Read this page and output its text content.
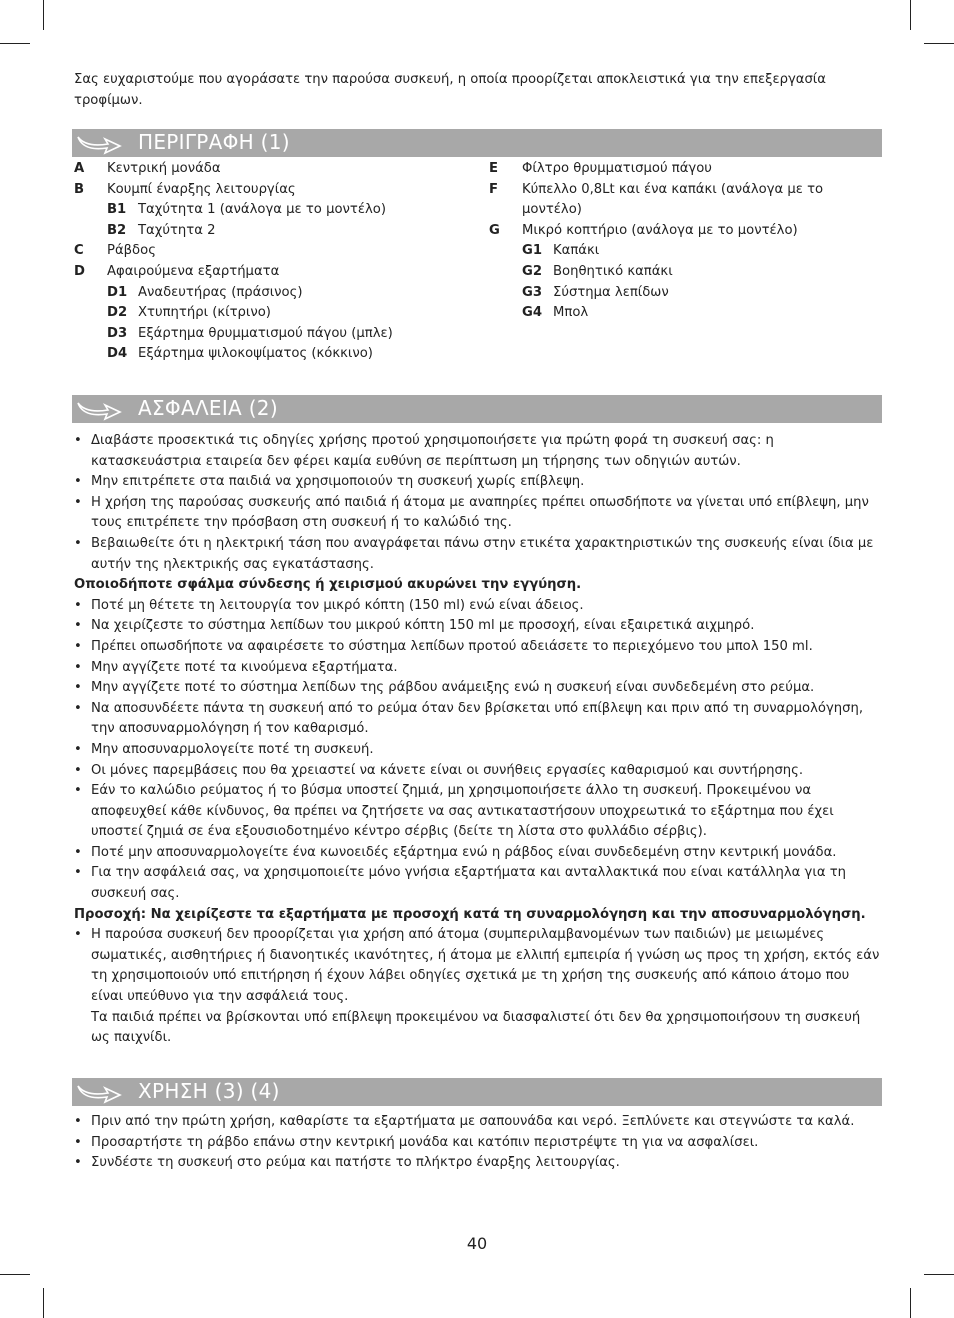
Σας ευχαριστούμε που αγοράσατε την παρούσα συσκευή, η οποία προορίζεται αποκλειστικά για την επεξεργασία τροφίμων.
ΠΕΡΙΓΡΑΦΗ (1)
A	Κεντρική μονάδα
B	Κουμπί έναρξης λειτουργίας
B1 Ταχύτητα 1 (ανάλογα με το μοντέλο)
B2 Ταχύτητα 2
C	Ράβδος
D	Αφαιρούμενα εξαρτήματα
D1 Αναδευτήρας (πράσινος)
D2 Χτυπητήρι (κίτρινο)
D3 Εξάρτημα θρυμματισμού πάγου (μπλε)
D4 Εξάρτημα ψιλοκοψίματος (κόκκινο)
E	Φίλτρο θρυμματισμού πάγου
F	Κύπελλο 0,8Lt και ένα καπάκι (ανάλογα με το μοντέλο)
G	Μικρό κοπτήριο (ανάλογα με το μοντέλο)
G1 Καπάκι
G2 Βοηθητικό καπάκι
G3 Σύστημα λεπίδων
G4 Μπολ
ΑΣΦΑΛΕΙΑ (2)
• Διαβάστε προσεκτικά τις οδηγίες χρήσης προτού χρησιμοποιήσετε για πρώτη φορά τη συσκευή σας: η κατασκευάστρια εταιρεία δεν φέρει καμία ευθύνη σε περίπτωση μη τήρησης των οδηγιών αυτών.
• Μην επιτρέπετε στα παιδιά να χρησιμοποιούν τη συσκευή χωρίς επίβλεψη.
• Η χρήση της παρούσας συσκευής από παιδιά ή άτομα με αναπηρίες πρέπει οπωσδήποτε να γίνεται υπό επίβλεψη, μην τους επιτρέπετε την πρόσβαση στη συσκευή ή το καλώδιό της.
• Βεβαιωθείτε ότι η ηλεκτρική τάση που αναγράφεται πάνω στην ετικέτα χαρακτηριστικών της συσκευής είναι ίδια με αυτήν της ηλεκτρικής σας εγκατάστασης.
Οποιοδήποτε σφάλμα σύνδεσης ή χειρισμού ακυρώνει την εγγύηση.
• Ποτέ μη θέτετε τη λειτουργία τον μικρό κόπτη (150 ml) ενώ είναι άδειος.
• Να χειρίζεστε το σύστημα λεπίδων του μικρού κόπτη 150 ml με προσοχή, είναι εξαιρετικά αιχμηρό.
• Πρέπει οπωσδήποτε να αφαιρέσετε το σύστημα λεπίδων προτού αδειάσετε το περιεχόμενο του μπολ 150 ml.
• Μην αγγίζετε ποτέ τα κινούμενα εξαρτήματα.
• Μην αγγίζετε ποτέ το σύστημα λεπίδων της ράβδου ανάμειξης ενώ η συσκευή είναι συνδεδεμένη στο ρεύμα.
• Να αποσυνδέετε πάντα τη συσκευή από το ρεύμα όταν δεν βρίσκεται υπό επίβλεψη και πριν από τη συναρμολόγηση, την αποσυναρμολόγηση ή τον καθαρισμό.
• Μην αποσυναρμολογείτε ποτέ τη συσκευή.
• Οι μόνες παρεμβάσεις που θα χρειαστεί να κάνετε είναι οι συνήθεις εργασίες καθαρισμού και συντήρησης.
• Εάν το καλώδιο ρεύματος ή το βύσμα υποστεί ζημιά, μη χρησιμοποιήσετε άλλο τη συσκευή. Προκειμένου να αποφευχθεί κάθε κίνδυνος, θα πρέπει να ζητήσετε να σας αντικαταστήσουν υποχρεωτικά το εξάρτημα που έχει υποστεί ζημιά σε ένα εξουσιοδοτημένο κέντρο σέρβις (δείτε τη λίστα στο φυλλάδιο σέρβις).
• Ποτέ μην αποσυναρμολογείτε ένα κωνοειδές εξάρτημα ενώ η ράβδος είναι συνδεδεμένη στην κεντρική μονάδα.
• Για την ασφάλειά σας, να χρησιμοποιείτε μόνο γνήσια εξαρτήματα και ανταλλακτικά που είναι κατάλληλα για τη συσκευή σας.
Προσοχή: Να χειρίζεστε τα εξαρτήματα με προσοχή κατά τη συναρμολόγηση και την αποσυναρμολόγηση.
• Η παρούσα συσκευή δεν προορίζεται για χρήση από άτομα (συμπεριλαμβανομένων των παιδιών) με μειωμένες σωματικές, αισθητήριες ή διανοητικές ικανότητες, ή άτομα με ελλιπή εμπειρία ή γνώση ως προς τη χρήση, εκτός εάν τη χρησιμοποιούν υπό επιτήρηση ή έχουν λάβει οδηγίες σχετικά με τη χρήση της συσκευής από κάποιο άτομο που είναι υπεύθυνο για την ασφάλειά τους.
Τα παιδιά πρέπει να βρίσκονται υπό επίβλεψη προκειμένου να διασφαλιστεί ότι δεν θα χρησιμοποιήσουν τη συσκευή ως παιχνίδι.
ΧΡΗΣΗ (3) (4)
• Πριν από την πρώτη χρήση, καθαρίστε τα εξαρτήματα με σαπουνάδα και νερό. Ξεπλύνετε και στεγνώστε τα καλά.
• Προσαρτήστε τη ράβδο επάνω στην κεντρική μονάδα και κατόπιν περιστρέψτε τη για να ασφαλίσει.
• Συνδέστε τη συσκευή στο ρεύμα και πατήστε το πλήκτρο έναρξης λειτουργίας.
40
